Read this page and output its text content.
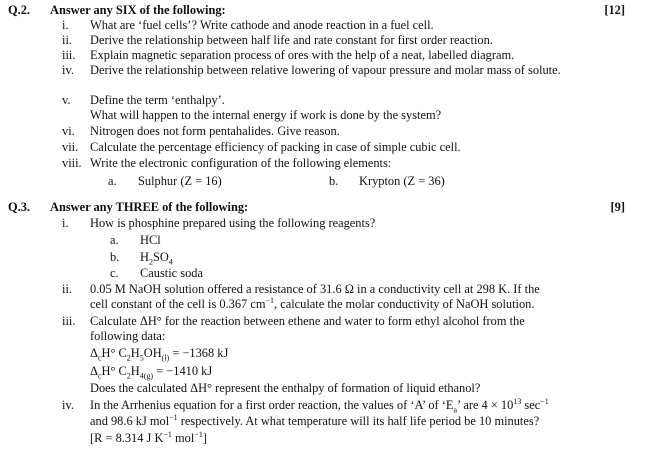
Q.2. Answer any SIX of the following:	[12]
i. What are ‘fuel cells’? Write cathode and anode reaction in a fuel cell.
ii. Derive the relationship between half life and rate constant for first order reaction.
iii. Explain magnetic separation process of ores with the help of a neat, labelled diagram.
iv. Derive the relationship between relative lowering of vapour pressure and molar mass of solute.
v. Define the term ‘enthalpy’.
What will happen to the internal energy if work is done by the system?
vi. Nitrogen does not form pentahalides. Give reason.
vii. Calculate the percentage efficiency of packing in case of simple cubic cell.
viii. Write the electronic configuration of the following elements:
a. Sulphur (Z = 16)	b. Krypton (Z = 36)
Q.3. Answer any THREE of the following:	[9]
i. How is phosphine prepared using the following reagents?
a. HCl
b. $H_2SO_4$
c. Caustic soda
ii. 0.05 M NaOH solution offered a resistance of 31.6 Ω in a conductivity cell at 298 K. If the
cell constant of the cell is 0.367 $cm^{-1}$, calculate the molar conductivity of NaOH solution.
iii. Calculate ΔH° for the reaction between ethene and water to form ethyl alcohol from the
following data:
$\Delta_cH^\circ$ $C_2H_5OH_{(l)} = -1368$ kJ
$\Delta_cH^\circ$ $C_2H_{4(g)} = -1410$ kJ
Does the calculated ΔH° represent the enthalpy of formation of liquid ethanol?
iv. In the Arrhenius equation for a first order reaction, the values of ‘A’ of ‘$E_a$’ are $4 \times 10^{13}$ $\sec^{-1}$
and 98.6 kJ mol$^{-1}$ respectively. At what temperature will its half life period be 10 minutes?
[R = 8.314 J $K^{-1}$ mol$^{-1}$]
